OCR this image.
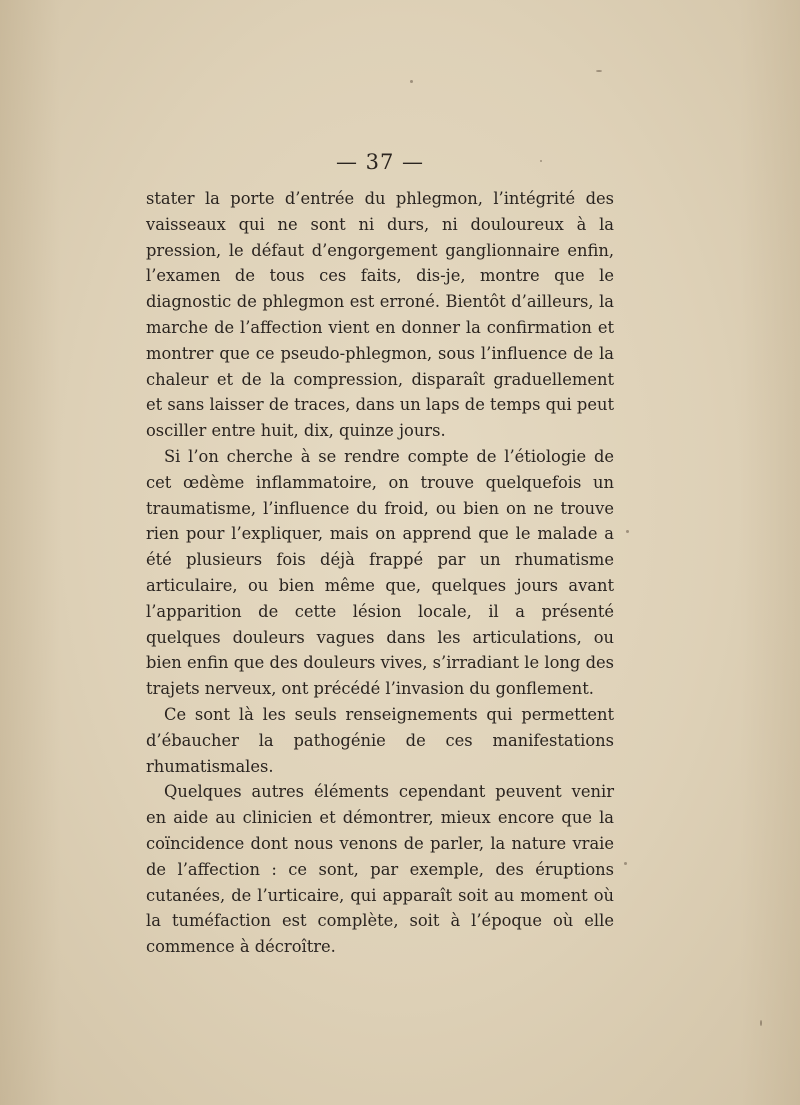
— 37 —

stater la porte d’entrée du phlegmon, l’intégrité des vaisseaux qui ne sont ni durs, ni douloureux à la pression, le défaut d’engorgement ganglionnaire enfin, l’examen de tous ces faits, dis-je, montre que le diagnostic de phlegmon est erroné. Bientôt d’ailleurs, la marche de l’affection vient en donner la confirmation et montrer que ce pseudo-phlegmon, sous l’influence de la chaleur et de la compression, disparaît graduellement et sans laisser de traces, dans un laps de temps qui peut osciller entre huit, dix, quinze jours.

Si l’on cherche à se rendre compte de l’étiologie de cet œdème inflammatoire, on trouve quelquefois un traumatisme, l’influence du froid, ou bien on ne trouve rien pour l’expliquer, mais on apprend que le malade a été plusieurs fois déjà frappé par un rhumatisme articulaire, ou bien même que, quelques jours avant l’apparition de cette lésion locale, il a présenté quelques douleurs vagues dans les articulations, ou bien enfin que des douleurs vives, s’irradiant le long des trajets nerveux, ont précédé l’invasion du gonflement.

Ce sont là les seuls renseignements qui permettent d’ébaucher la pathogénie de ces manifestations rhumatismales.

Quelques autres éléments cependant peuvent venir en aide au clinicien et démontrer, mieux encore que la coïncidence dont nous venons de parler, la nature vraie de l’affection : ce sont, par exemple, des éruptions cutanées, de l’urticaire, qui apparaît soit au moment où la tuméfaction est complète, soit à l’époque où elle commence à décroître.
